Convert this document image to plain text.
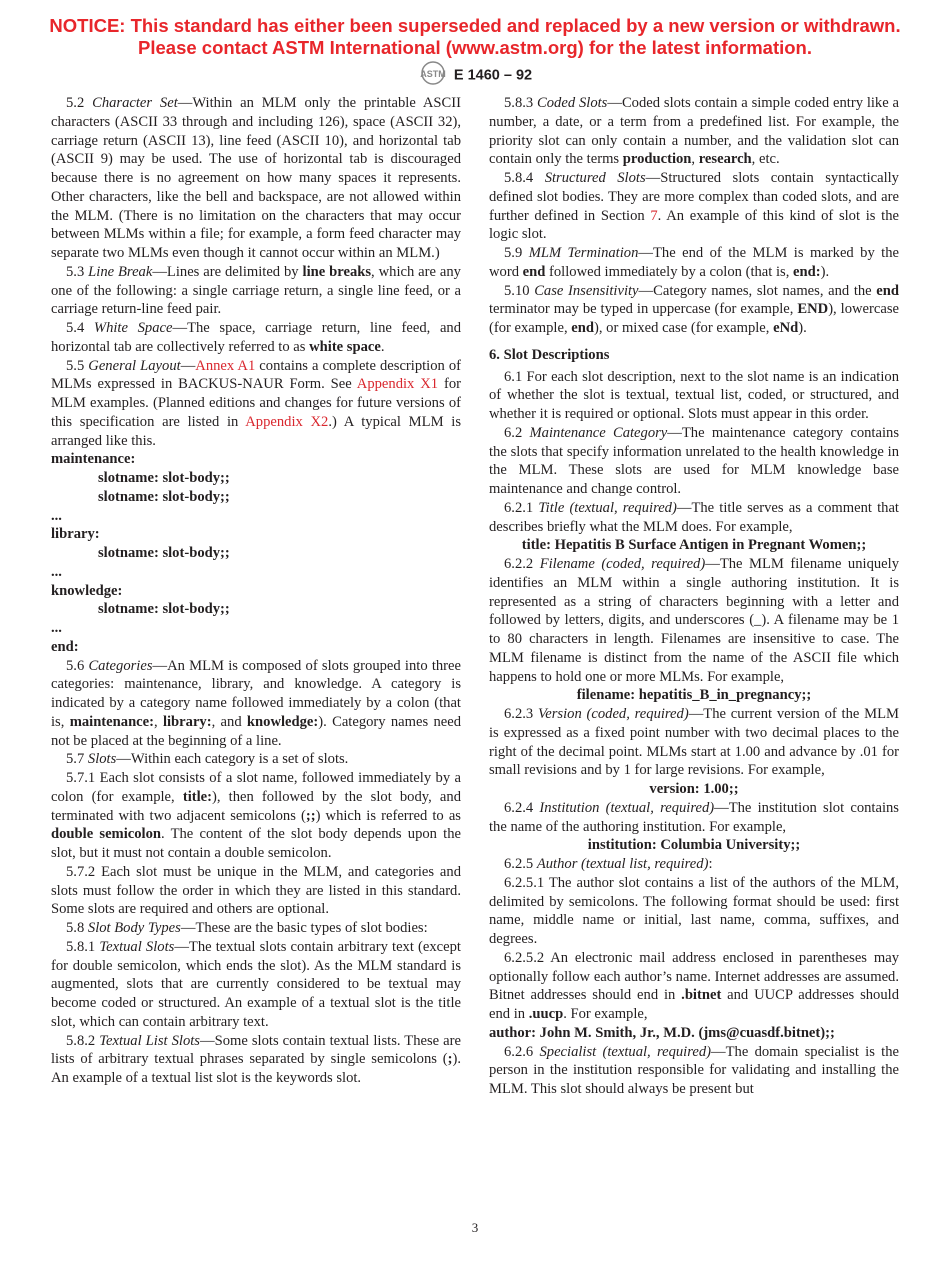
NOTICE: This standard has either been superseded and replaced by a new version or withdrawn.
Please contact ASTM International (www.astm.org) for the latest information.
ASTM E 1460 – 92

5.2 Character Set—Within an MLM only the printable ASCII characters (ASCII 33 through and including 126), space (ASCII 32), carriage return (ASCII 13), line feed (ASCII 10), and horizontal tab (ASCII 9) may be used. The use of horizontal tab is discouraged because there is no agreement on how many spaces it represents. Other characters, like the bell and backspace, are not allowed within the MLM. (There is no limitation on the characters that may occur between MLMs within a file; for example, a form feed character may separate two MLMs even though it cannot occur within an MLM.)

5.3 Line Break—Lines are delimited by line breaks, which are any one of the following: a single carriage return, a single line feed, or a carriage return-line feed pair.

5.4 White Space—The space, carriage return, line feed, and horizontal tab are collectively referred to as white space.

5.5 General Layout—Annex A1 contains a complete description of MLMs expressed in BACKUS-NAUR Form. See Appendix X1 for MLM examples. (Planned editions and changes for future versions of this specification are listed in Appendix X2.) A typical MLM is arranged like this.

maintenance:

slotname: slot-body;;

slotname: slot-body;;

...

library:

slotname: slot-body;;

...

knowledge:

slotname: slot-body;;

...

end:

5.6 Categories—An MLM is composed of slots grouped into three categories: maintenance, library, and knowledge. A category is indicated by a category name followed immediately by a colon (that is, maintenance:, library:, and knowledge:). Category names need not be placed at the beginning of a line.

5.7 Slots—Within each category is a set of slots.

5.7.1 Each slot consists of a slot name, followed immediately by a colon (for example, title:), then followed by the slot body, and terminated with two adjacent semicolons (;;) which is referred to as double semicolon. The content of the slot body depends upon the slot, but it must not contain a double semicolon.

5.7.2 Each slot must be unique in the MLM, and categories and slots must follow the order in which they are listed in this standard. Some slots are required and others are optional.

5.8 Slot Body Types—These are the basic types of slot bodies:

5.8.1 Textual Slots—The textual slots contain arbitrary text (except for double semicolon, which ends the slot). As the MLM standard is augmented, slots that are currently considered to be textual may become coded or structured. An example of a textual slot is the title slot, which can contain arbitrary text.

5.8.2 Textual List Slots—Some slots contain textual lists. These are lists of arbitrary textual phrases separated by single semicolons (;). An example of a textual list slot is the keywords slot.

5.8.3 Coded Slots—Coded slots contain a simple coded entry like a number, a date, or a term from a predefined list. For example, the priority slot can only contain a number, and the validation slot can contain only the terms production, research, etc.

5.8.4 Structured Slots—Structured slots contain syntactically defined slot bodies. They are more complex than coded slots, and are further defined in Section 7. An example of this kind of slot is the logic slot.

5.9 MLM Termination—The end of the MLM is marked by the word end followed immediately by a colon (that is, end:).

5.10 Case Insensitivity—Category names, slot names, and the end terminator may be typed in uppercase (for example, END), lowercase (for example, end), or mixed case (for example, eNd).

6. Slot Descriptions

6.1 For each slot description, next to the slot name is an indication of whether the slot is textual, textual list, coded, or structured, and whether it is required or optional. Slots must appear in this order.

6.2 Maintenance Category—The maintenance category contains the slots that specify information unrelated to the health knowledge in the MLM. These slots are used for MLM knowledge base maintenance and change control.

6.2.1 Title (textual, required)—The title serves as a comment that describes briefly what the MLM does. For example,

title: Hepatitis B Surface Antigen in Pregnant Women;;

6.2.2 Filename (coded, required)—The MLM filename uniquely identifies an MLM within a single authoring institution. It is represented as a string of characters beginning with a letter and followed by letters, digits, and underscores (_). A filename may be 1 to 80 characters in length. Filenames are insensitive to case. The MLM filename is distinct from the name of the ASCII file which happens to hold one or more MLMs. For example,

filename: hepatitis_B_in_pregnancy;;

6.2.3 Version (coded, required)—The current version of the MLM is expressed as a fixed point number with two decimal places to the right of the decimal point. MLMs start at 1.00 and advance by .01 for small revisions and by 1 for large revisions. For example,

version: 1.00;;

6.2.4 Institution (textual, required)—The institution slot contains the name of the authoring institution. For example,

institution: Columbia University;;

6.2.5 Author (textual list, required):

6.2.5.1 The author slot contains a list of the authors of the MLM, delimited by semicolons. The following format should be used: first name, middle name or initial, last name, comma, suffixes, and degrees.

6.2.5.2 An electronic mail address enclosed in parentheses may optionally follow each author’s name. Internet addresses are assumed. Bitnet addresses should end in .bitnet and UUCP addresses should end in .uucp. For example,

author: John M. Smith, Jr., M.D. (jms@cuasdf.bitnet);;

6.2.6 Specialist (textual, required)—The domain specialist is the person in the institution responsible for validating and installing the MLM. This slot should always be present but

3
